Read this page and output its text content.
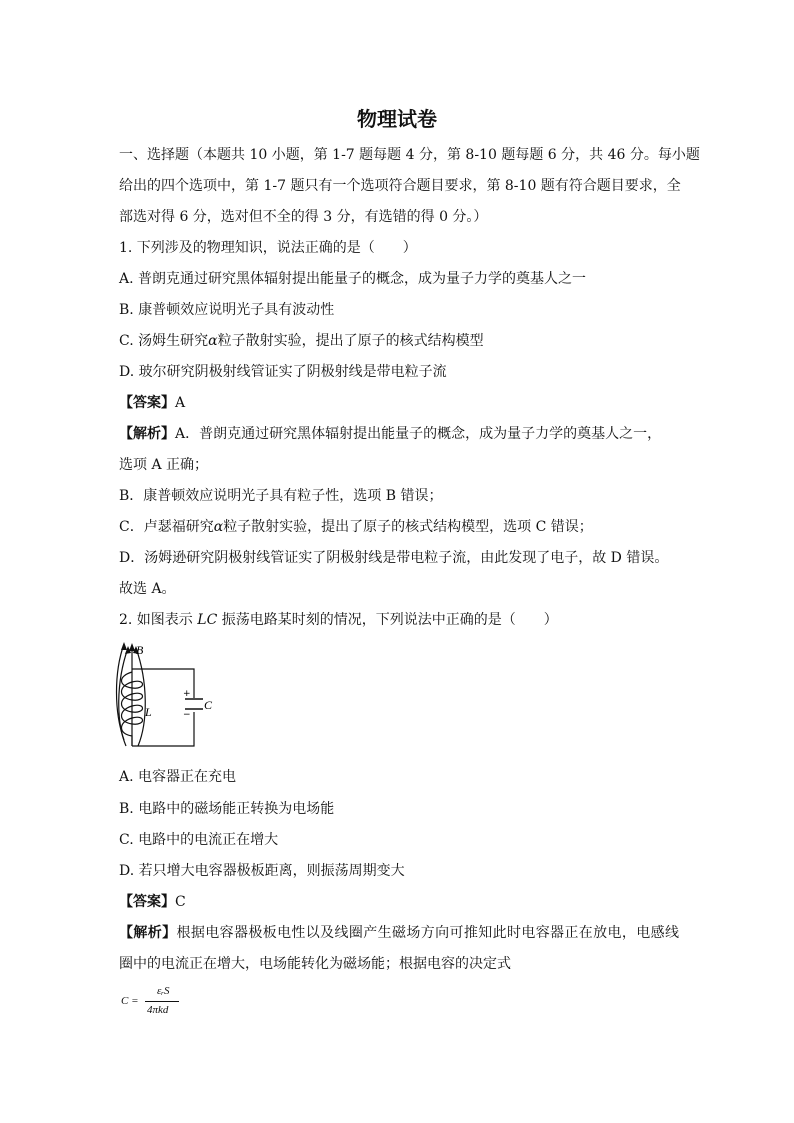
物理试卷
一、选择题（本题共 10 小题，第 1-7 题每题 4 分，第 8-10 题每题 6 分，共 46 分。每小题
给出的四个选项中，第 1-7 题只有一个选项符合题目要求，第 8-10 题有符合题目要求，全
部选对得 6 分，选对但不全的得 3 分，有选错的得 0 分。）
1. 下列涉及的物理知识，说法正确的是（　　）
A. 普朗克通过研究黑体辐射提出能量子的概念，成为量子力学的奠基人之一
B. 康普顿效应说明光子具有波动性
C. 汤姆生研究α粒子散射实验，提出了原子的核式结构模型
D. 玻尔研究阴极射线管证实了阴极射线是带电粒子流
【答案】A
【解析】A．普朗克通过研究黑体辐射提出能量子的概念，成为量子力学的奠基人之一，
选项 A 正确；
B．康普顿效应说明光子具有粒子性，选项 B 错误；
C．卢瑟福研究α粒子散射实验，提出了原子的核式结构模型，选项 C 错误；
D．汤姆逊研究阴极射线管证实了阴极射线是带电粒子流，由此发现了电子，故 D 错误。
故选 A。
2. 如图表示 LC 振荡电路某时刻的情况，下列说法中正确的是（　　）
B
L	C
+
−
A. 电容器正在充电
B. 电路中的磁场能正转换为电场能
C. 电路中的电流正在增大
D. 若只增大电容器极板距离，则振荡周期变大
【答案】C
【解析】根据电容器极板电性以及线圈产生磁场方向可推知此时电容器正在放电，电感线
圈中的电流正在增大，电场能转化为磁场能；根据电容的决定式
C =
εᵣS
4πkd
